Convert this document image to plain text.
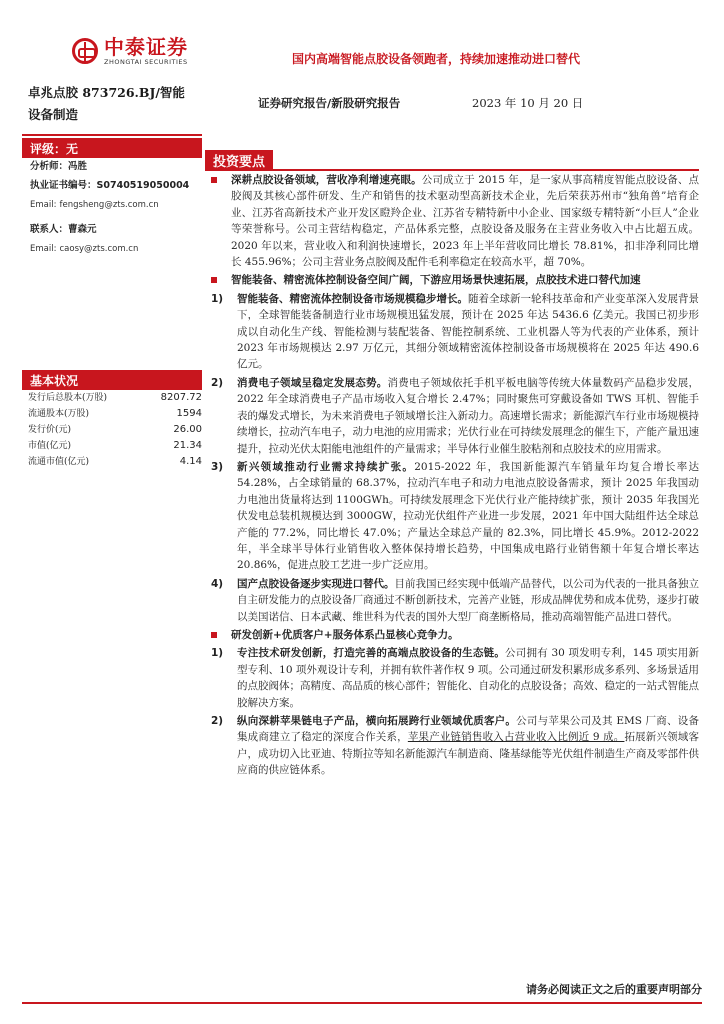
中泰证券
ZHONGTAI SECURITIES	国内高端智能点胶设备领跑者，持续加速推动进口替代
卓兆点胶 873726.BJ/智能设备制造
证券研究报告/新股研究报告	2023 年 10 月 20 日
评级：无
分析师：冯胜
执业证书编号：S0740519050004
Email: fengsheng@zts.com.cn
联系人：曹森元
Email: caosy@zts.com.cn
基本状况
发行后总股本(万股)	8207.72
流通股本(万股)	1594
发行价(元)	26.00
市值(亿元)	21.34
流通市值(亿元)	4.14
投资要点
深耕点胶设备领域，营收净利增速亮眼。公司成立于 2015 年，是一家从事高精度智能点胶设备、点胶阀及其核心部件研发、生产和销售的技术驱动型高新技术企业，先后荣获苏州市“独角兽”培育企业、江苏省高新技术产业开发区瞪羚企业、江苏省专精特新中小企业、国家级专精特新“小巨人”企业等荣誉称号。公司主营结构稳定，产品体系完整，点胶设备及服务在主营业务收入中占比超五成。2020 年以来，营业收入和利润快速增长，2023 年上半年营收同比增长 78.81%，扣非净利同比增长 455.96%；公司主营业务点胶阀及配件毛利率稳定在较高水平，超 70%。
智能装备、精密流体控制设备空间广阔，下游应用场景快速拓展，点胶技术进口替代加速
1) 智能装备、精密流体控制设备市场规模稳步增长。随着全球新一轮科技革命和产业变革深入发展背景下，全球智能装备制造行业市场规模迅猛发展，预计在 2025 年达 5436.6 亿美元。我国已初步形成以自动化生产线、智能检测与装配装备、智能控制系统、工业机器人等为代表的产业体系，预计 2023 年市场规模达 2.97 万亿元，其细分领域精密流体控制设备市场规模将在 2025 年达 490.6 亿元。
2) 消费电子领域呈稳定发展态势。消费电子领域依托手机平板电脑等传统大体量数码产品稳步发展，2022 年全球消费电子产品市场收入复合增长 2.47%；同时聚焦可穿戴设备如 TWS 耳机、智能手表的爆发式增长，为未来消费电子领域增长注入新动力。高速增长需求；新能源汽车行业市场规模持续增长，拉动汽车电子，动力电池的应用需求；光伏行业在可持续发展理念的催生下，产能产量迅速提升，拉动光伏太阳能电池组件的产量需求；半导体行业催生胶粘剂和点胶技术的应用需求。
3) 新兴领域推动行业需求持续扩张。2015-2022 年，我国新能源汽车销量年均复合增长率达 54.28%，占全球销量的 68.37%，拉动汽车电子和动力电池点胶设备需求，预计 2025 年我国动力电池出货量将达到 1100GWh。可持续发展理念下光伏行业产能持续扩张，预计 2035 年我国光伏发电总装机规模达到 3000GW，拉动光伏组件产业进一步发展，2021 年中国大陆组件达全球总产能的 77.2%，同比增长 47.0%；产量达全球总产量的 82.3%，同比增长 45.9%。2012-2022 年，半全球半导体行业销售收入整体保持增长趋势，中国集成电路行业销售额十年复合增长率达 20.86%，促进点胶工艺进一步广泛应用。
4) 国产点胶设备逐步实现进口替代。目前我国已经实现中低端产品替代，以公司为代表的一批具备独立自主研发能力的点胶设备厂商通过不断创新技术，完善产业链，形成品牌优势和成本优势，逐步打破以美国诺信、日本武藏、维世科为代表的国外大型厂商垄断格局，推动高端智能产品进口替代。
研发创新+优质客户+服务体系凸显核心竞争力。
1) 专注技术研发创新，打造完善的高端点胶设备的生态链。公司拥有 30 项发明专利，145 项实用新型专利、10 项外观设计专利，并拥有软件著作权 9 项。公司通过研发积累形成多系列、多场景适用的点胶阀体；高精度、高品质的核心部件；智能化、自动化的点胶设备；高效、稳定的一站式智能点胶解决方案。
2) 纵向深耕苹果链电子产品，横向拓展跨行业领域优质客户。公司与苹果公司及其 EMS 厂商、设备集成商建立了稳定的深度合作关系，苹果产业链销售收入占营业收入比例近 9 成。拓展新兴领域客户，成功切入比亚迪、特斯拉等知名新能源汽车制造商、隆基绿能等光伏组件制造生产商及零部件供应商的供应链体系。
请务必阅读正文之后的重要声明部分
